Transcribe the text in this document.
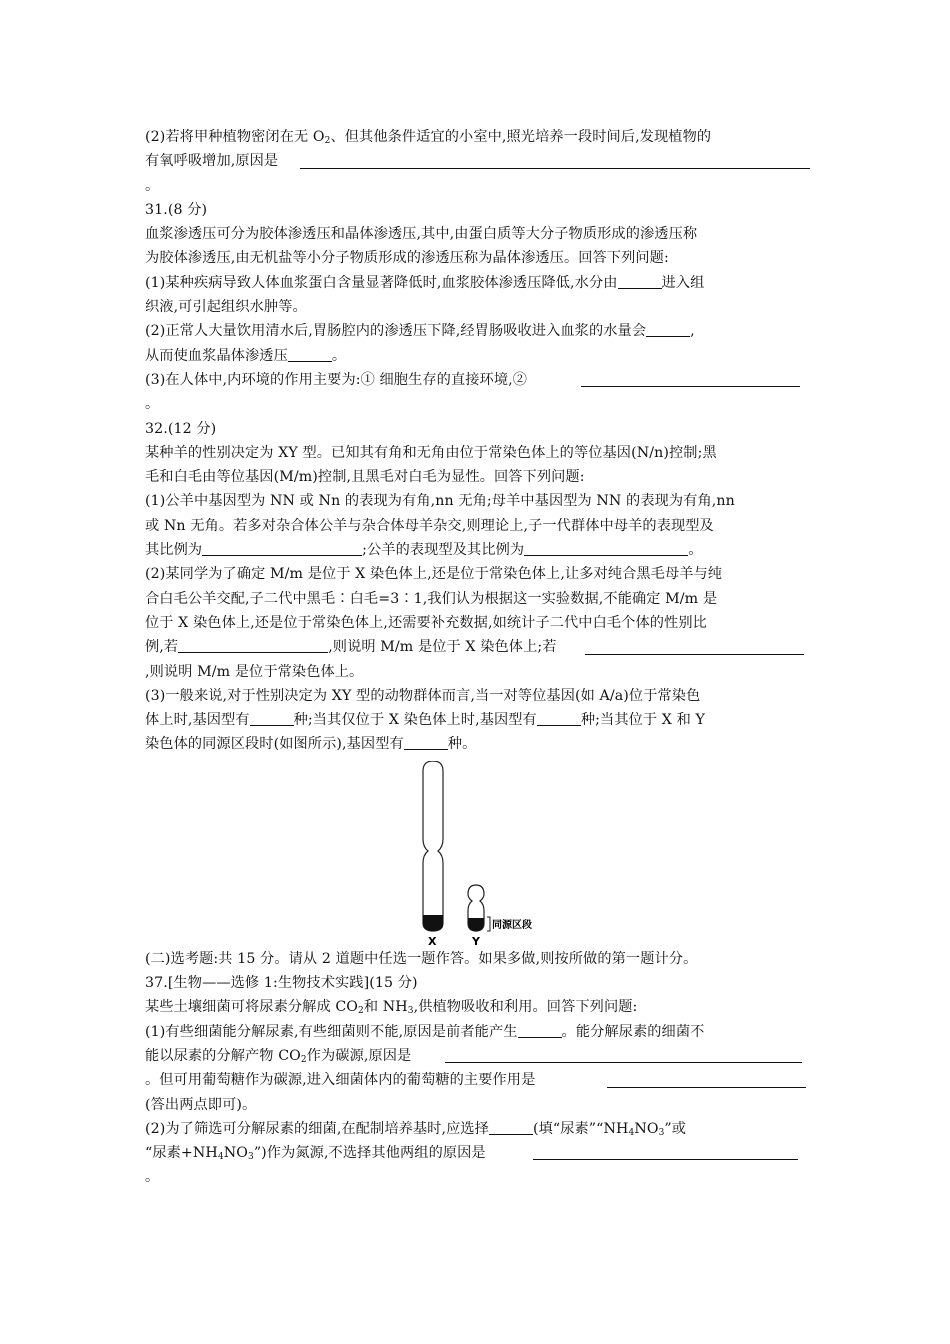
(2)若将甲种植物密闭在无 $O_2$、但其他条件适宜的小室中,照光培养一段时间后,发现植物的
有氧呼吸增加,原因是
。
31.(8 分)
血浆渗透压可分为胶体渗透压和晶体渗透压,其中,由蛋白质等大分子物质形成的渗透压称
为胶体渗透压,由无机盐等小分子物质形成的渗透压称为晶体渗透压。回答下列问题:
(1)某种疾病导致人体血浆蛋白含量显著降低时,血浆胶体渗透压降低,水分由	进入组
织液,可引起组织水肿等。
(2)正常人大量饮用清水后,胃肠腔内的渗透压下降,经胃肠吸收进入血浆的水量会	,
从而使血浆晶体渗透压	。
(3)在人体中,内环境的作用主要为:① 细胞生存的直接环境,②
。
32.(12 分)
某种羊的性别决定为 XY 型。已知其有角和无角由位于常染色体上的等位基因(N/n)控制;黑
毛和白毛由等位基因(M/m)控制,且黑毛对白毛为显性。回答下列问题:
(1)公羊中基因型为 NN 或 Nn 的表现为有角,nn 无角;母羊中基因型为 NN 的表现为有角,nn
或 Nn 无角。若多对杂合体公羊与杂合体母羊杂交,则理论上,子一代群体中母羊的表现型及
其比例为	;公羊的表现型及其比例为	。
(2)某同学为了确定 M/m 是位于 X 染色体上,还是位于常染色体上,让多对纯合黑毛母羊与纯
合白毛公羊交配,子二代中黑毛∶白毛=3∶1,我们认为根据这一实验数据,不能确定 M/m 是
位于 X 染色体上,还是位于常染色体上,还需要补充数据,如统计子二代中白毛个体的性别比
例,若	,则说明 M/m 是位于 X 染色体上;若
,则说明 M/m 是位于常染色体上。
(3)一般来说,对于性别决定为 XY 型的动物群体而言,当一对等位基因(如 A/a)位于常染色
体上时,基因型有	种;当其仅位于 X 染色体上时,基因型有	种;当其位于 X 和 Y
染色体的同源区段时(如图所示),基因型有	种。
X	Y
同源区段
(二)选考题:共 15 分。请从 2 道题中任选一题作答。如果多做,则按所做的第一题计分。
37.[生物——选修 1:生物技术实践](15 分)
某些土壤细菌可将尿素分解成 $CO_2$和 $NH_3$,供植物吸收和利用。回答下列问题:
(1)有些细菌能分解尿素,有些细菌则不能,原因是前者能产生	。能分解尿素的细菌不
能以尿素的分解产物 $CO_2$作为碳源,原因是
。但可用葡萄糖作为碳源,进入细菌体内的葡萄糖的主要作用是
(答出两点即可)。
(2)为了筛选可分解尿素的细菌,在配制培养基时,应选择	(填“尿素$”“NH_4NO_3$”或
“尿素$+NH_4NO_3$”)作为氮源,不选择其他两组的原因是
。
